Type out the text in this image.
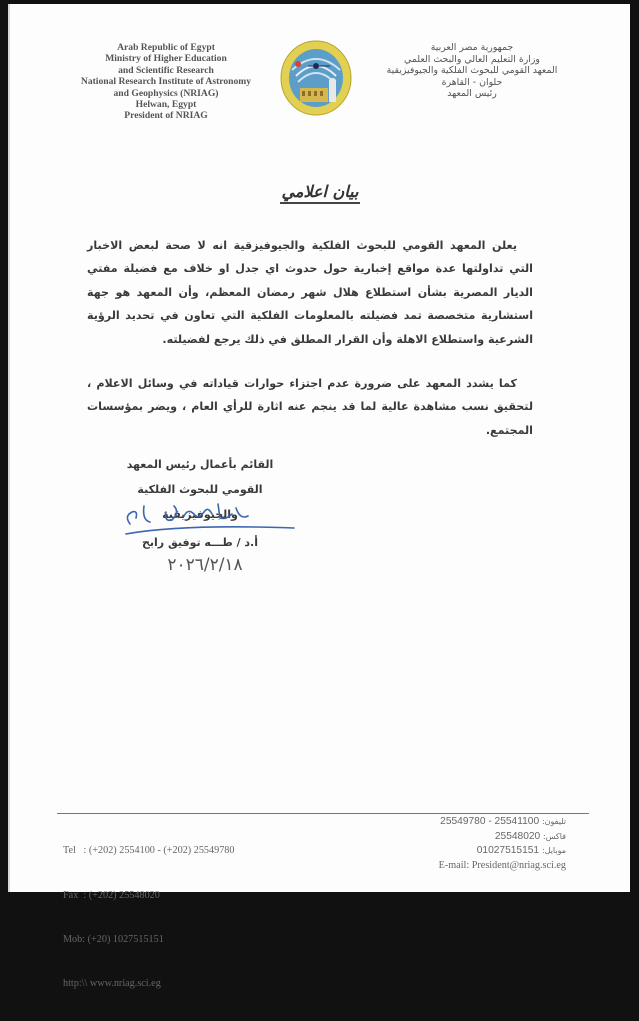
Arab Republic of Egypt
Ministry of Higher Education
and Scientific Research
National Research Institute of Astronomy
and Geophysics (NRIAG)
Helwan, Egypt
President of NRIAG
جمهورية مصر العربية
وزارة التعليم العالي والبحث العلمي
المعهد القومي للبحوث الفلكية والجيوفيزيقية
حلوان - القاهرة
رئيس المعهد
بيان اعلامي
يعلن المعهد القومي للبحوث الفلكية والجيوفيزقية انه لا صحة لبعض الاخبار التي تداولتها عدة مواقع إخبارية حول حدوث اي جدل او خلاف مع فضيلة مفتي الديار المصرية بشأن استطلاع هلال شهر رمضان المعظم، وأن المعهد هو جهة استشارية متخصصة تمد فضيلته بالمعلومات الفلكية التي تعاون في تحديد الرؤية الشرعية واستطلاع الاهلة وأن القرار المطلق في ذلك يرجع لفضيلته.
كما يشدد المعهد على ضرورة عدم اجتزاء حوارات قياداته في وسائل الاعلام ، لتحقيق نسب مشاهدة عالية لما قد ينجم عنه اثارة للرأي العام ، ويضر بمؤسسات المجتمع.
القائم بأعمال رئيس المعهد
القومي للبحوث الفلكية والجيوفيزيقية
أ.د / طـــه توفيق رابح
٢٠٢٦/٢/١٨

Tel   : (+202) 2554100 - (+202) 25549780

Fax  : (+202) 25548020

Mob: (+20) 1027515151

http:\\ www.nriag.sci.eg

تليفون: 25549780 - 25541100
فاكس: 25548020
موبايل: 01027515151
E-mail: President@nriag.sci.eg
